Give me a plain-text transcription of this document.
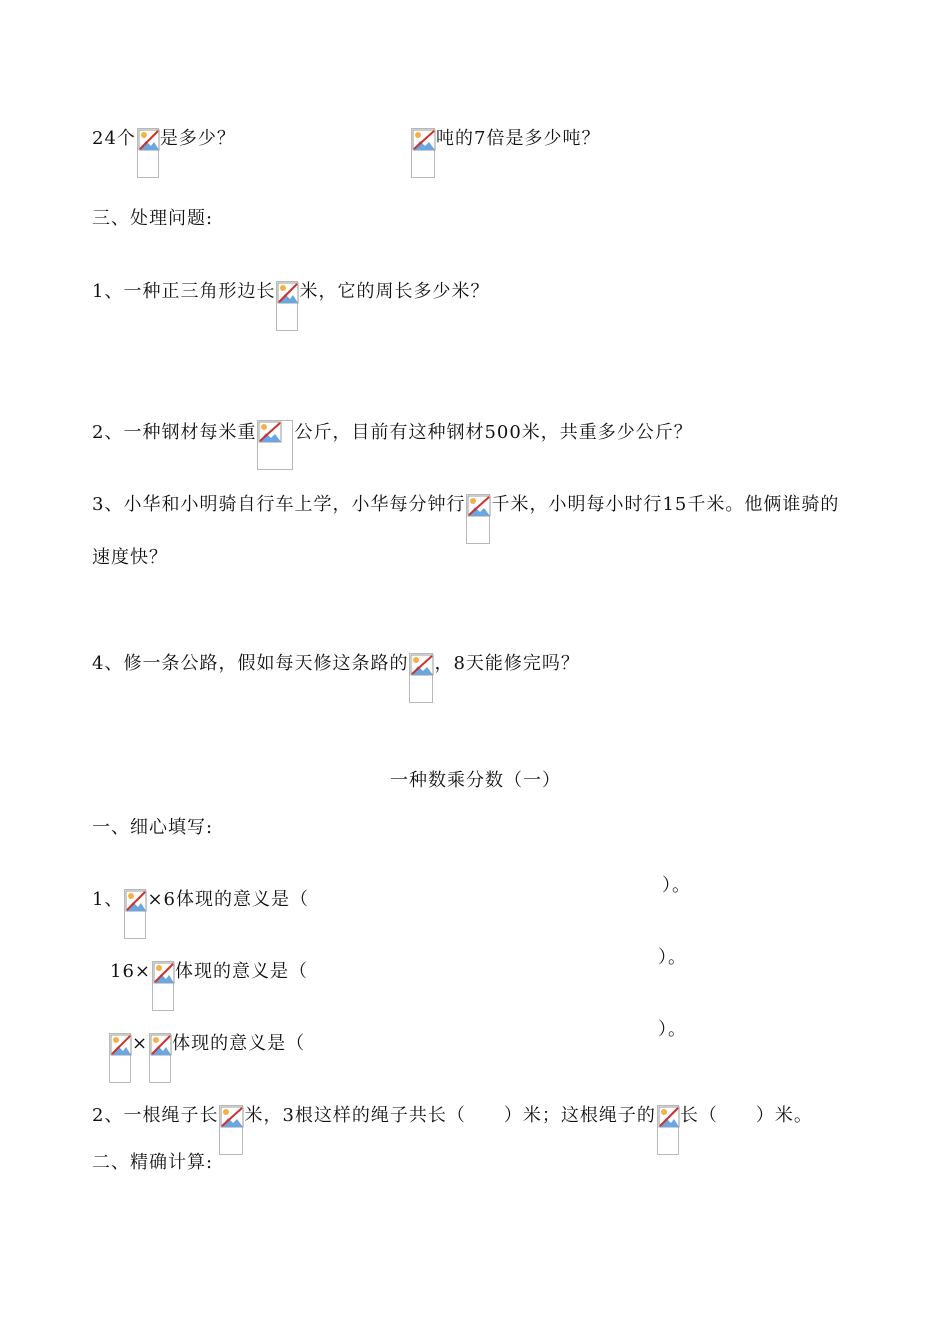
24个 是多少？	吨的7倍是多少吨？
三、处理问题:
1、一种正三角形边长 米，它的周长多少米？
2、一种钢材每米重 公斤，目前有这种钢材500米，共重多少公斤？
3、小华和小明骑自行车上学，小华每分钟行 千米，小明每小时行15千米。他俩谁骑的
速度快？
4、修一条公路，假如每天修这条路的 ，8天能修完吗？
一种数乘分数（一）
一、细心填写:
1、 ×6体现的意义是（
）。
16× 体现的意义是（
）。
× 体现的意义是（
）。
2、一根绳子长 米，3根这样的绳子共长（　　）米；这根绳子的 长（　　）米。
二、精确计算:
